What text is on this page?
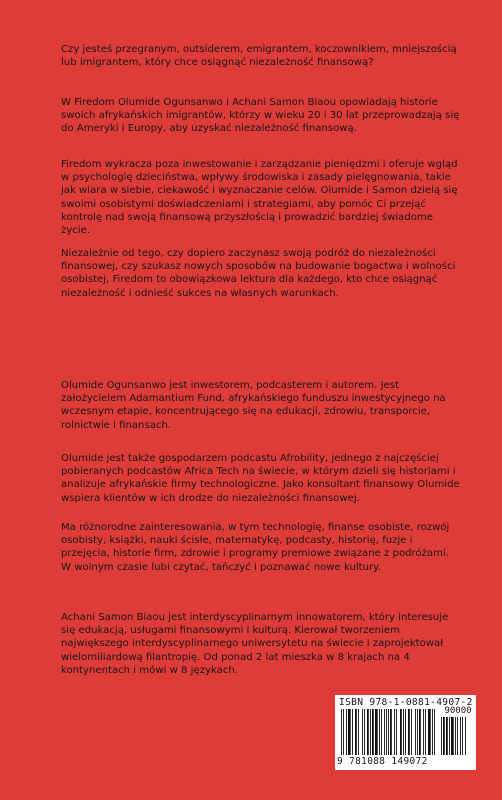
Czy jesteś przegranym, outsiderem, emigrantem, koczownikiem, mniejszością lub imigrantem, który chce osiągnąć niezależność finansową?

W Firedom Olumide Ogunsanwo i Achani Samon Biaou opowiadają historie swoich afrykańskich imigrantów, którzy w wieku 20 i 30 lat przeprowadzają się do Ameryki i Europy, aby uzyskać niezależność finansową.

Firedom wykracza poza inwestowanie i zarządzanie pieniędzmi i oferuje wgląd w psychologię dzieciństwa, wpływy środowiska i zasady pielęgnowania, takie jak wiara w siebie, ciekawość i wyznaczanie celów. Olumide i Samon dzielą się swoimi osobistymi doświadczeniami i strategiami, aby pomóc Ci przejąć kontrolę nad swoją finansową przyszłością i prowadzić bardziej świadome życie.

Niezależnie od tego, czy dopiero zaczynasz swoją podróż do niezależności finansowej, czy szukasz nowych sposobów na budowanie bogactwa i wolności osobistej, Firedom to obowiązkowa lektura dla każdego, kto chce osiągnąć niezależność i odnieść sukces na własnych warunkach.

Olumide Ogunsanwo jest inwestorem, podcasterem i autorem. Jest założycielem Adamantium Fund, afrykańskiego funduszu inwestycyjnego na wczesnym etapie, koncentrującego się na edukacji, zdrowiu, transporcie, rolnictwie i finansach.

Olumide jest także gospodarzem podcastu Afrobility, jednego z najczęściej pobieranych podcastów Africa Tech na świecie, w którym dzieli się historiami i analizuje afrykańskie firmy technologiczne. Jako konsultant finansowy Olumide wspiera klientów w ich drodze do niezależności finansowej.

Ma różnorodne zainteresowania, w tym technologię, finanse osobiste, rozwój osobisty, książki, nauki ścisłe, matematykę, podcasty, historię, fuzje i przejęcia, historie firm, zdrowie i programy premiowe związane z podróżami.

W wolnym czasie lubi czytać, tańczyć i poznawać nowe kultury.

Achani Samon Biaou jest interdyscyplinarnym innowatorem, który interesuje się edukacją, usługami finansowymi i kulturą. Kierował tworzeniem największego interdyscyplinarnego uniwersytetu na świecie i zaprojektował wielomiliardową filantropię. Od ponad 2 lat mieszka w 8 krajach na 4 kontynentach i mówi w 8 językach.

ISBN 978-1-0881-4907-2
90000
9 781088 149072
